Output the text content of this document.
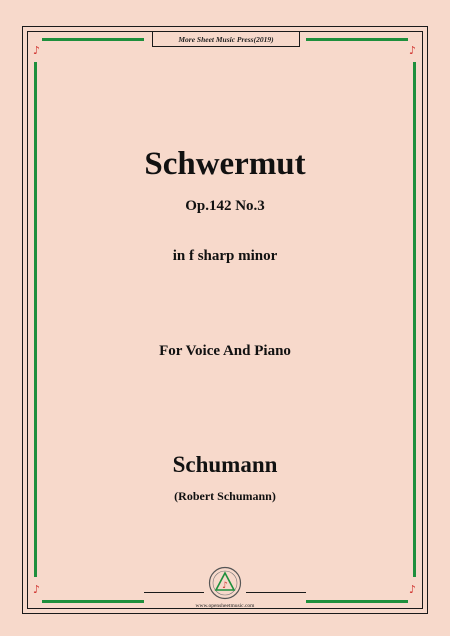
♪	♪
♪	♪
More Sheet Music Press(2019)
Schwermut
Op.142 No.3
in f sharp minor
For Voice And Piano
Schumann
(Robert Schumann)
♪
www.opensheetmusic.com
